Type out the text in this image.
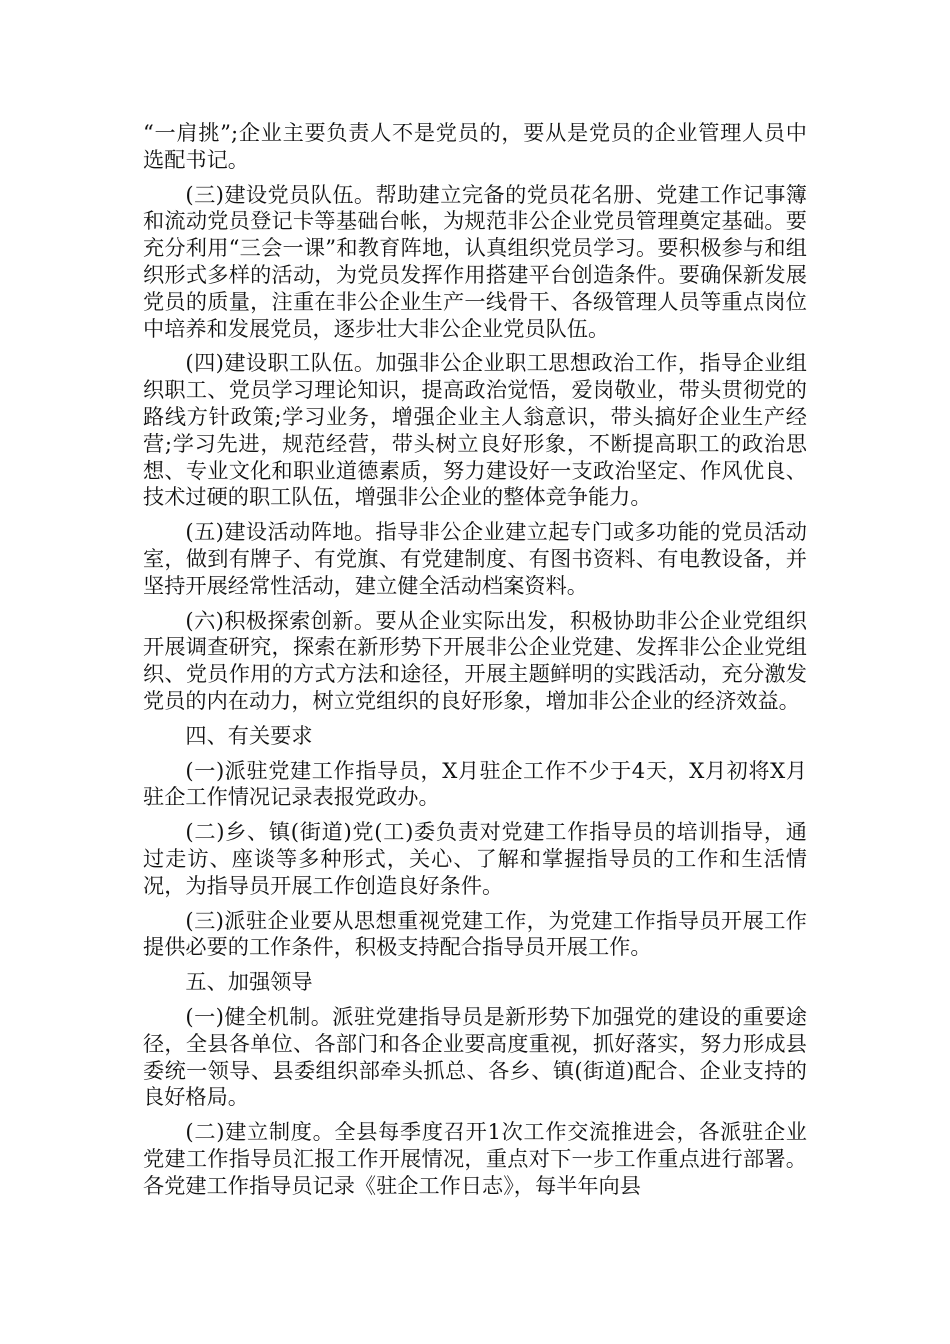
“一肩挑”;企业主要负责人不是党员的，要从是党员的企业管理人员中选配书记。

(三)建设党员队伍。帮助建立完备的党员花名册、党建工作记事簿和流动党员登记卡等基础台帐，为规范非公企业党员管理奠定基础。要充分利用“三会一课”和教育阵地，认真组织党员学习。要积极参与和组织形式多样的活动，为党员发挥作用搭建平台创造条件。要确保新发展党员的质量，注重在非公企业生产一线骨干、各级管理人员等重点岗位中培养和发展党员，逐步壮大非公企业党员队伍。

(四)建设职工队伍。加强非公企业职工思想政治工作，指导企业组织职工、党员学习理论知识，提高政治觉悟，爱岗敬业，带头贯彻党的路线方针政策;学习业务，增强企业主人翁意识，带头搞好企业生产经营;学习先进，规范经营，带头树立良好形象，不断提高职工的政治思想、专业文化和职业道德素质，努力建设好一支政治坚定、作风优良、技术过硬的职工队伍，增强非公企业的整体竞争能力。

(五)建设活动阵地。指导非公企业建立起专门或多功能的党员活动室，做到有牌子、有党旗、有党建制度、有图书资料、有电教设备，并坚持开展经常性活动，建立健全活动档案资料。

(六)积极探索创新。要从企业实际出发，积极协助非公企业党组织开展调查研究，探索在新形势下开展非公企业党建、发挥非公企业党组织、党员作用的方式方法和途径，开展主题鲜明的实践活动，充分激发党员的内在动力，树立党组织的良好形象，增加非公企业的经济效益。

四、有关要求

(一)派驻党建工作指导员，X月驻企工作不少于4天，X月初将X月驻企工作情况记录表报党政办。

(二)乡、镇(街道)党(工)委负责对党建工作指导员的培训指导，通过走访、座谈等多种形式，关心、了解和掌握指导员的工作和生活情况，为指导员开展工作创造良好条件。

(三)派驻企业要从思想重视党建工作，为党建工作指导员开展工作提供必要的工作条件，积极支持配合指导员开展工作。

五、加强领导

(一)健全机制。派驻党建指导员是新形势下加强党的建设的重要途径，全县各单位、各部门和各企业要高度重视，抓好落实，努力形成县委统一领导、县委组织部牵头抓总、各乡、镇(街道)配合、企业支持的良好格局。

(二)建立制度。全县每季度召开1次工作交流推进会，各派驻企业党建工作指导员汇报工作开展情况，重点对下一步工作重点进行部署。各党建工作指导员记录《驻企工作日志》，每半年向县
